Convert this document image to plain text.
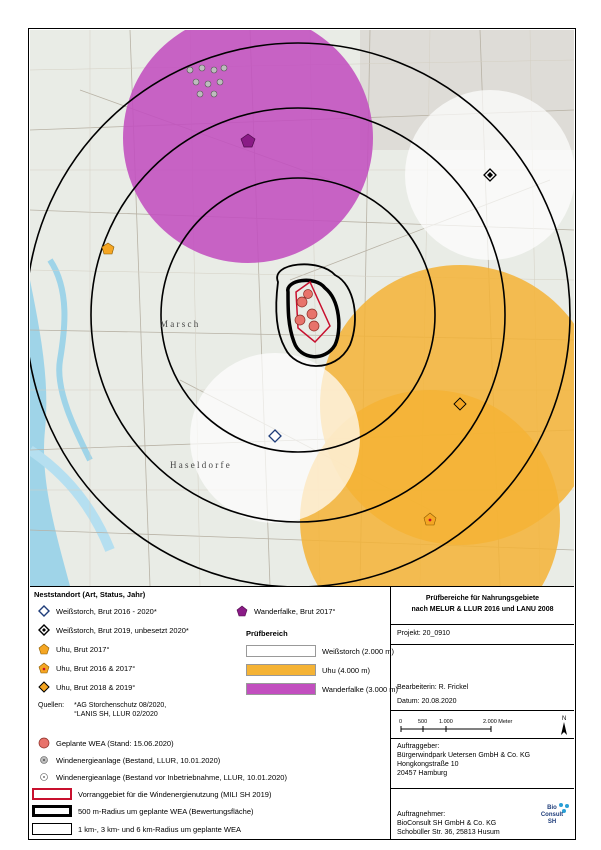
M a r s c h
H a s e l d o r f e
Neststandort (Art, Status, Jahr)
Weißstorch, Brut 2016 - 2020*
Weißstorch, Brut 2019, unbesetzt 2020*
Uhu, Brut 2017°
Uhu, Brut 2016 & 2017°
Uhu, Brut 2018 & 2019°
Wanderfalke, Brut 2017°
Prüfbereich
Weißstorch (2.000 m)
Uhu (4.000 m)
Wanderfalke (3.000 m)
Quellen: *AG Storchenschutz 08/2020,
°LANIS SH, LLUR 02/2020
Geplante WEA (Stand: 15.06.2020)
Windenergieanlage (Bestand, LLUR, 10.01.2020)
Windenergieanlage (Bestand vor Inbetriebnahme, LLUR, 10.01.2020)
Vorranggebiet für die Windenergienutzung (MILI SH 2019)
500 m-Radius um geplante WEA (Bewertungsfläche)
1 km-, 3 km- und 6 km-Radius um geplante WEA
Prüfbereiche für Nahrungsgebiete
nach MELUR & LLUR 2016 und LANU 2008
Projekt: 20_0910
Bearbeiterin: R. Frickel
Datum: 20.08.2020
0	500 1.000	2.000 Meter	N
Auftraggeber:
Bürgerwindpark Uetersen GmbH & Co. KG
Hongkongstraße 10
20457 Hamburg
Auftragnehmer:
BioConsult SH GmbH & Co. KG
Schobüller Str. 36, 25813 Husum
Bio
Consult
SH
